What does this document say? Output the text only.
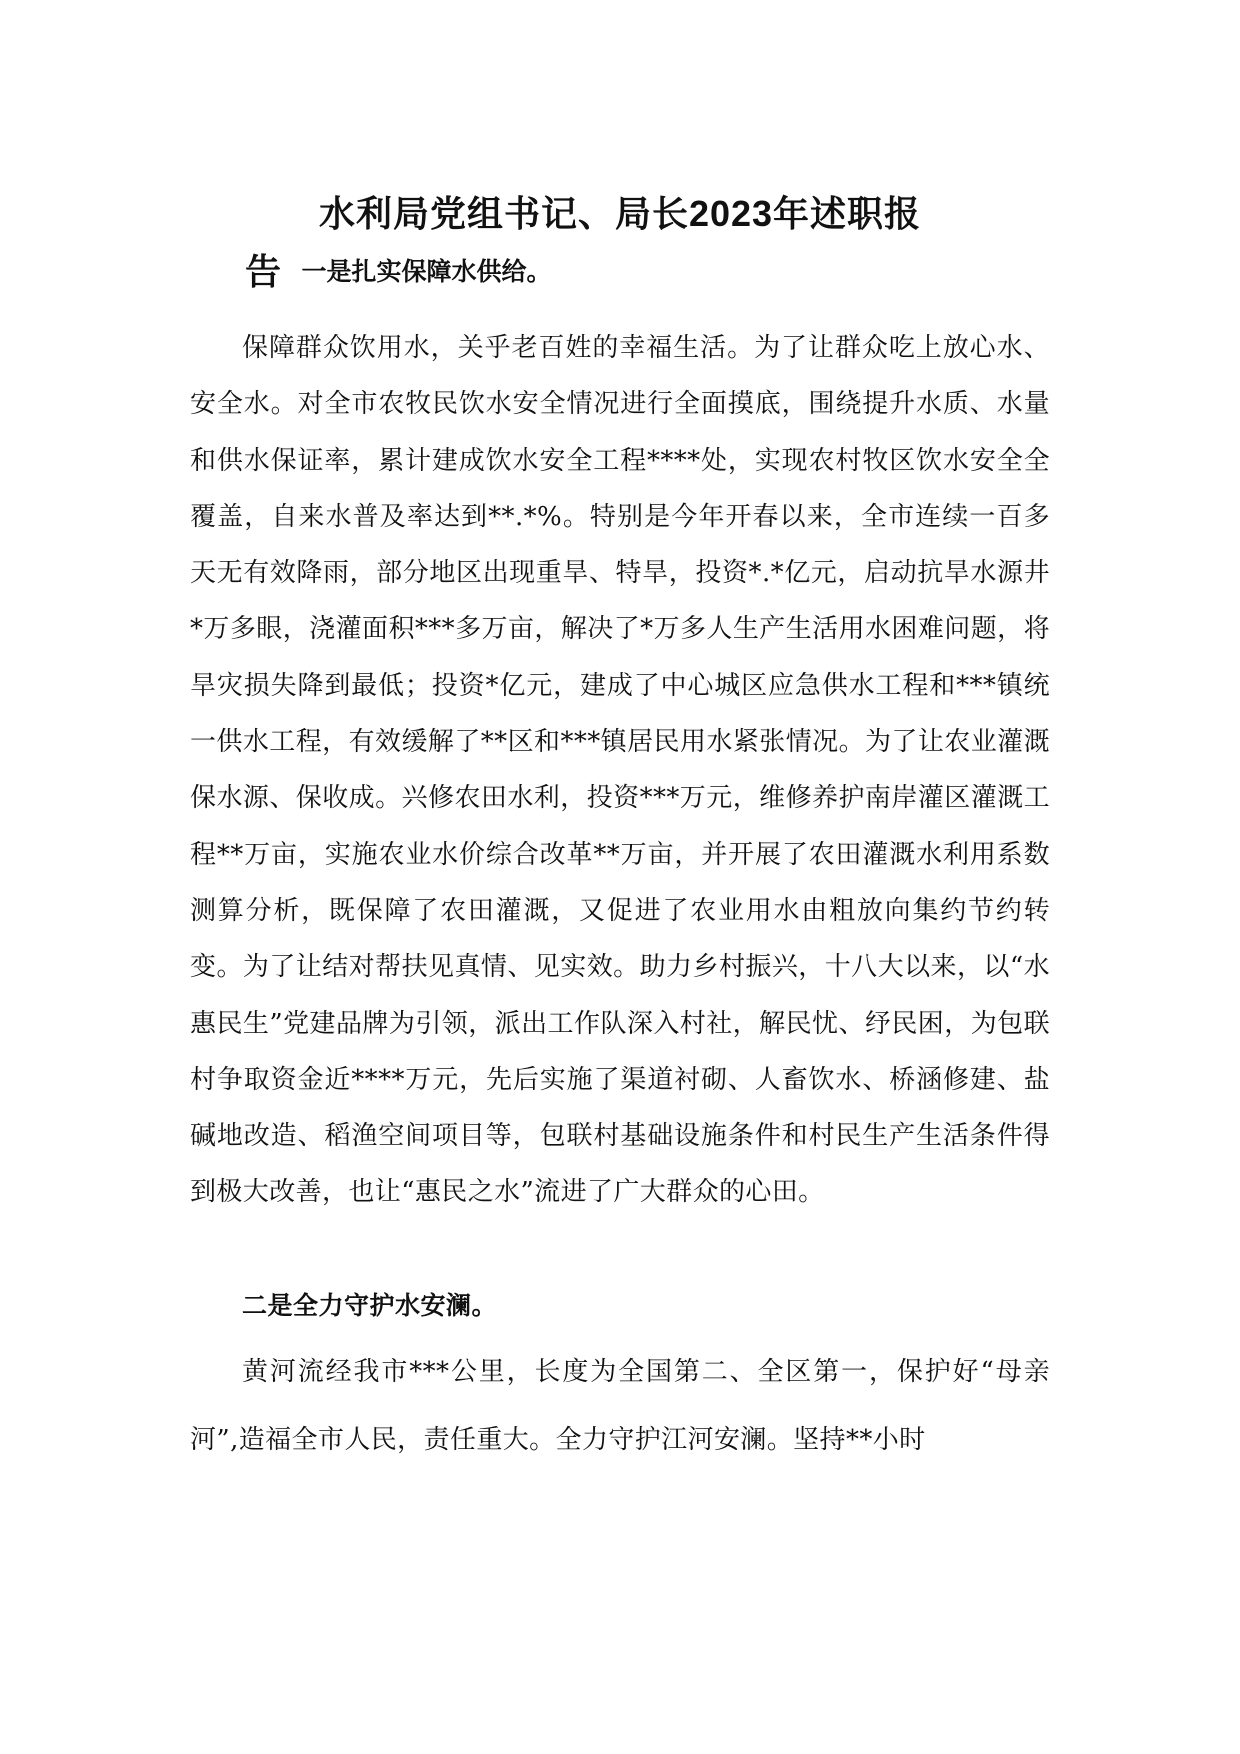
水利局党组书记、局长2023年述职报
告 一是扎实保障水供给。
保障群众饮用水，关乎老百姓的幸福生活。为了让群众吃上放心水、安全水。对全市农牧民饮水安全情况进行全面摸底，围绕提升水质、水量和供水保证率，累计建成饮水安全工程****处，实现农村牧区饮水安全全覆盖，自来水普及率达到**.*%。特别是今年开春以来，全市连续一百多天无有效降雨，部分地区出现重旱、特旱，投资*.*亿元，启动抗旱水源井*万多眼，浇灌面积***多万亩，解决了*万多人生产生活用水困难问题，将旱灾损失降到最低；投资*亿元，建成了中心城区应急供水工程和***镇统一供水工程，有效缓解了**区和***镇居民用水紧张情况。为了让农业灌溉保水源、保收成。兴修农田水利，投资***万元，维修养护南岸灌区灌溉工程**万亩，实施农业水价综合改革**万亩，并开展了农田灌溉水利用系数测算分析，既保障了农田灌溉，又促进了农业用水由粗放向集约节约转变。为了让结对帮扶见真情、见实效。助力乡村振兴，十八大以来，以“水惠民生”党建品牌为引领，派出工作队深入村社，解民忧、纾民困，为包联村争取资金近****万元，先后实施了渠道衬砌、人畜饮水、桥涵修建、盐碱地改造、稻渔空间项目等，包联村基础设施条件和村民生产生活条件得到极大改善，也让“惠民之水”流进了广大群众的心田。
二是全力守护水安澜。
黄河流经我市***公里，长度为全国第二、全区第一，保护好“母亲河”,造福全市人民，责任重大。全力守护江河安澜。坚持**小时
